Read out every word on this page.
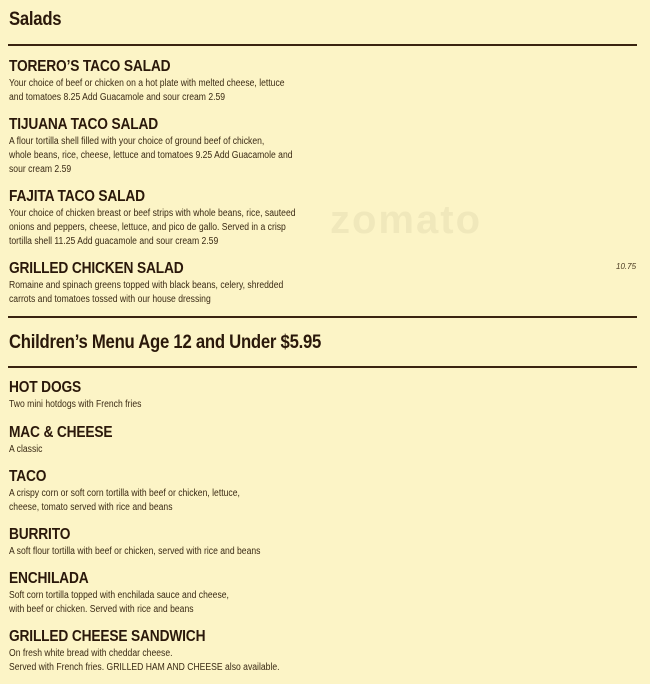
zomato
Salads
TORERO’S TACO SALAD
Your choice of beef or chicken on a hot plate with melted cheese, lettuce
and tomatoes 8.25 Add Guacamole and sour cream 2.59
TIJUANA TACO SALAD
A flour tortilla shell filled with your choice of ground beef of chicken,
whole beans, rice, cheese, lettuce and tomatoes 9.25 Add Guacamole and
sour cream 2.59
FAJITA TACO SALAD
Your choice of chicken breast or beef strips with whole beans, rice, sauteed
onions and peppers, cheese, lettuce, and pico de gallo. Served in a crisp
tortilla shell 11.25 Add guacamole and sour cream 2.59
GRILLED CHICKEN SALAD
Romaine and spinach greens topped with black beans, celery, shredded
carrots and tomatoes tossed with our house dressing
10.75
Children’s Menu Age 12 and Under $5.95
HOT DOGS
Two mini hotdogs with French fries
MAC & CHEESE
A classic
TACO
A crispy corn or soft corn tortilla with beef or chicken, lettuce,
cheese, tomato served with rice and beans
BURRITO
A soft flour tortilla with beef or chicken, served with rice and beans
ENCHILADA
Soft corn tortilla topped with enchilada sauce and cheese,
with beef or chicken. Served with rice and beans
GRILLED CHEESE SANDWICH
On fresh white bread with cheddar cheese.
Served with French fries. GRILLED HAM AND CHEESE also available.
